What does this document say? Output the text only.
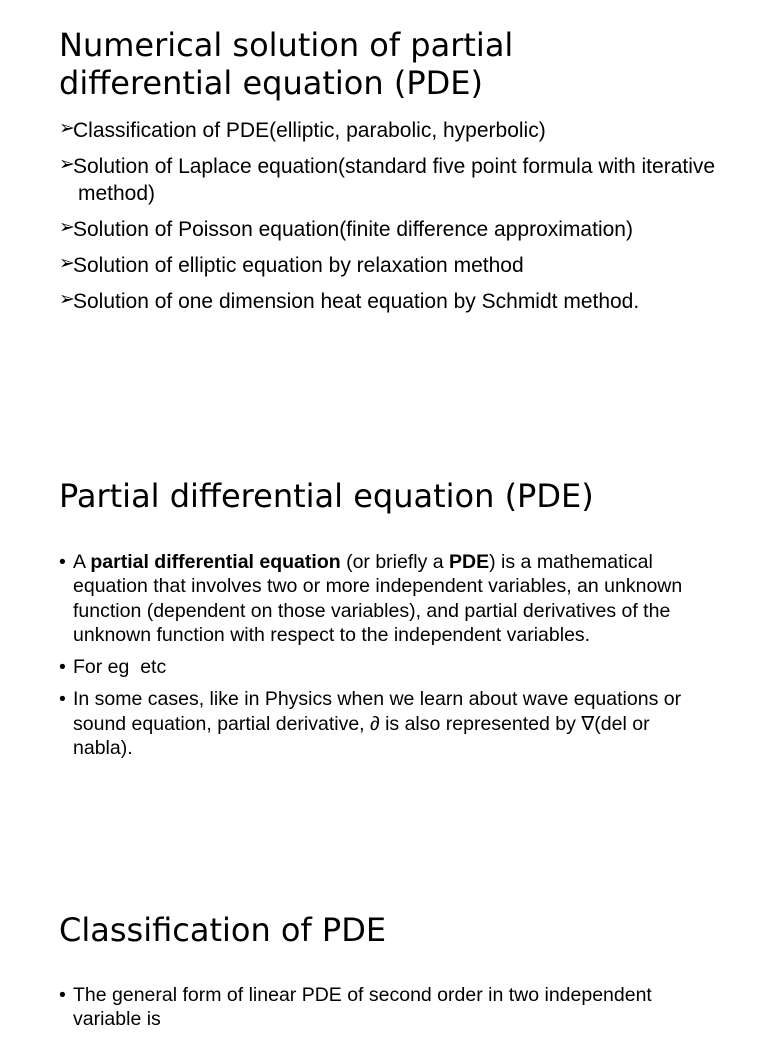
Numerical solution of partial
differential equation (PDE)
➢
Classification of PDE(elliptic, parabolic, hyperbolic)
➢
Solution of Laplace equation(standard five point formula with iterative method)
➢
Solution of Poisson equation(finite difference approximation)
➢
Solution of elliptic equation by relaxation method
➢
Solution of one dimension heat equation by Schmidt method.
Partial differential equation (PDE)
• A partial differential equation (or briefly a PDE) is a mathematical equation that involves two or more independent variables, an unknown function (dependent on those variables), and partial derivatives of the unknown function with respect to the independent variables.
• For eg  etc
• In some cases, like in Physics when we learn about wave equations or sound equation, partial derivative, ∂ is also represented by ∇(del or nabla).
Classification of PDE
• The general form of linear PDE of second order in two independent variable is
